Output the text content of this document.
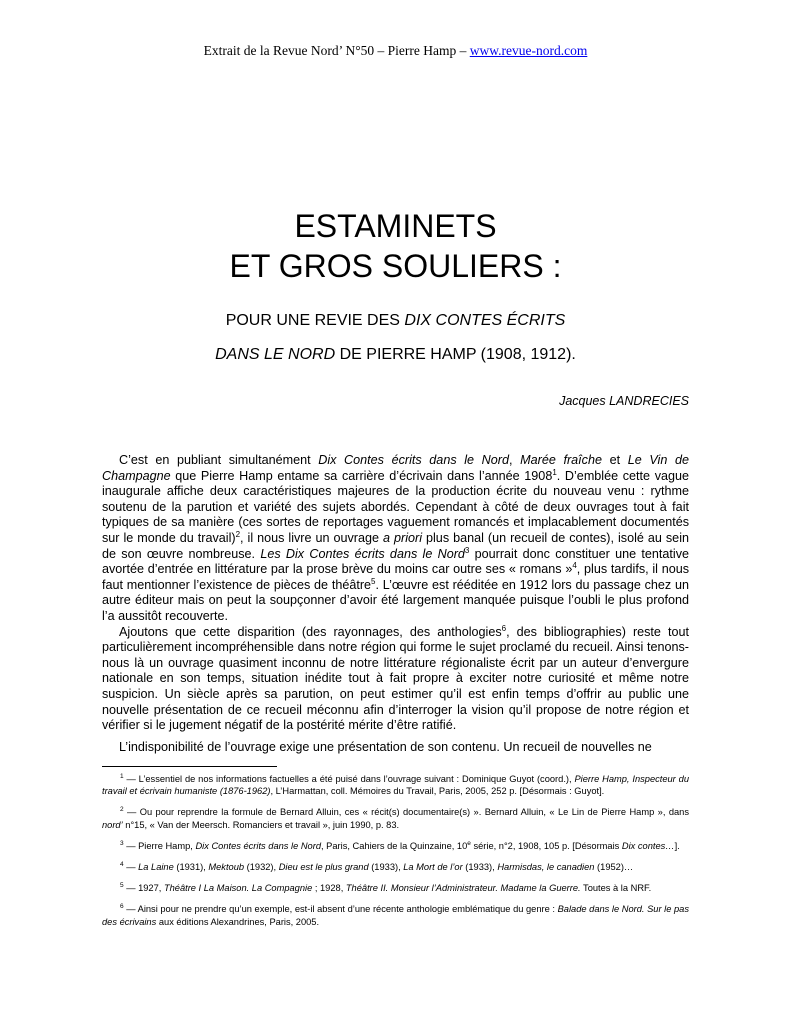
Extrait de la Revue Nord’ N°50 – Pierre Hamp – www.revue-nord.com
ESTAMINETS
ET GROS SOULIERS :
POUR UNE REVIE DES DIX CONTES ÉCRITS
DANS LE NORD DE PIERRE HAMP (1908, 1912).
Jacques LANDRECIES

C’est en publiant simultanément Dix Contes écrits dans le Nord, Marée fraîche et Le Vin de Champagne que Pierre Hamp entame sa carrière d’écrivain dans l’année 1908$^1$. D’emblée cette vague inaugurale affiche deux caractéristiques majeures de la production écrite du nouveau venu : rythme soutenu de la parution et variété des sujets abordés. Cependant à côté de deux ouvrages tout à fait typiques de sa manière (ces sortes de reportages vaguement romancés et implacablement documentés sur le monde du travail)$^2$, il nous livre un ouvrage a priori plus banal (un recueil de contes), isolé au sein de son œuvre nombreuse. Les Dix Contes écrits dans le Nord$^3$ pourrait donc constituer une tentative avortée d’entrée en littérature par la prose brève du moins car outre ses « romans »$^4$, plus tardifs, il nous faut mentionner l’existence de pièces de théâtre$^5$. L’œuvre est rééditée en 1912 lors du passage chez un autre éditeur mais on peut la soupçonner d’avoir été largement manquée puisque l’oubli le plus profond l’a aussitôt recouverte.

Ajoutons que cette disparition (des rayonnages, des anthologies$^6$, des bibliographies) reste tout particulièrement incompréhensible dans notre région qui forme le sujet proclamé du recueil. Ainsi tenons-nous là un ouvrage quasiment inconnu de notre littérature régionaliste écrit par un auteur d’envergure nationale en son temps, situation inédite tout à fait propre à exciter notre curiosité et même notre suspicion. Un siècle après sa parution, on peut estimer qu’il est enfin temps d’offrir au public une nouvelle présentation de ce recueil méconnu afin d’interroger la vision qu’il propose de notre région et vérifier si le jugement négatif de la postérité mérite d’être ratifié.

L’indisponibilité de l’ouvrage exige une présentation de son contenu. Un recueil de nouvelles ne

$^1$ — L’essentiel de nos informations factuelles a été puisé dans l’ouvrage suivant : Dominique Guyot (coord.), Pierre Hamp, Inspecteur du travail et écrivain humaniste (1876-1962), L’Harmattan, coll. Mémoires du Travail, Paris, 2005, 252 p. [Désormais : Guyot].

$^2$ — Ou pour reprendre la formule de Bernard Alluin, ces « récit(s) documentaire(s) ». Bernard Alluin, « Le Lin de Pierre Hamp », dans nord’ n°15, « Van der Meersch. Romanciers et travail », juin 1990, p. 83.

$^3$ — Pierre Hamp, Dix Contes écrits dans le Nord, Paris, Cahiers de la Quinzaine, 10e série, n°2, 1908, 105 p. [Désormais Dix contes…].

$^4$ — La Laine (1931), Mektoub (1932), Dieu est le plus grand (1933), La Mort de l’or (1933), Harmisdas, le canadien (1952)…

$^5$ — 1927, Théâtre I La Maison. La Compagnie ; 1928, Théâtre II. Monsieur l’Administrateur. Madame la Guerre. Toutes à la NRF.

$^6$ — Ainsi pour ne prendre qu’un exemple, est-il absent d’une récente anthologie emblématique du genre : Balade dans le Nord. Sur le pas des écrivains aux éditions Alexandrines, Paris, 2005.
